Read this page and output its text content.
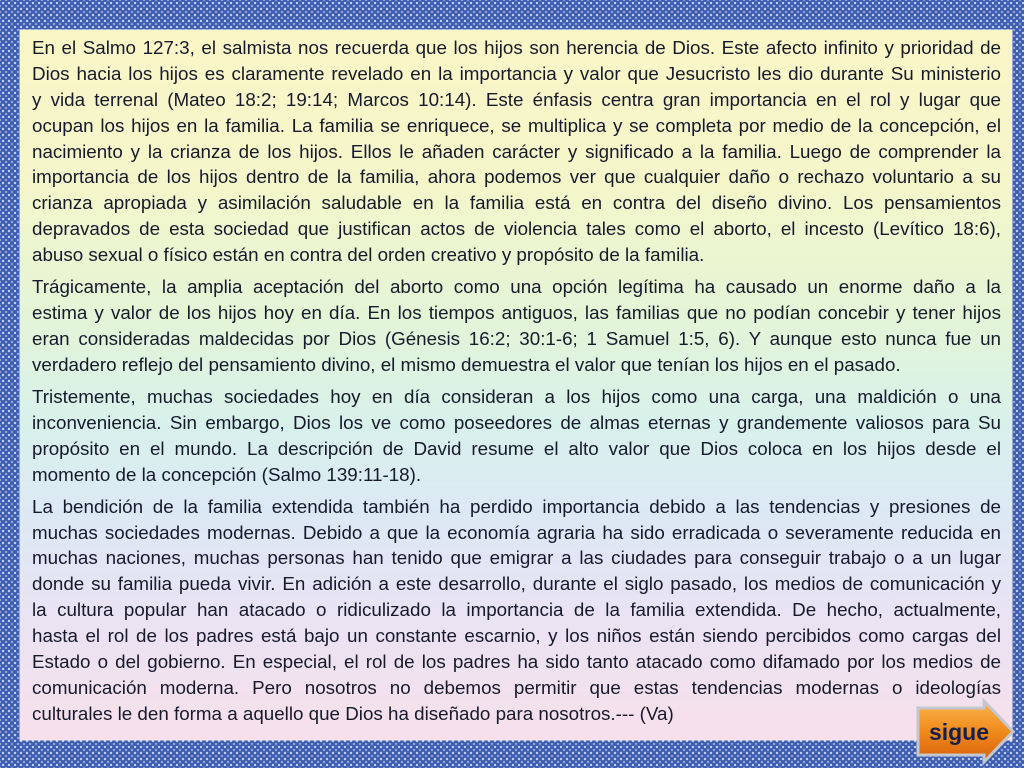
En el Salmo 127:3, el salmista nos recuerda que los hijos son herencia de Dios. Este afecto infinito y prioridad de
Dios hacia los hijos es claramente revelado en la importancia y valor que Jesucristo les dio durante Su ministerio
y vida terrenal (Mateo 18:2; 19:14; Marcos 10:14). Este énfasis centra gran importancia en el rol y lugar que
ocupan los hijos en la familia. La familia se enriquece, se multiplica y se completa por medio de la concepción, el
nacimiento y la crianza de los hijos. Ellos le añaden carácter y significado a la familia. Luego de comprender la
importancia de los hijos dentro de la familia, ahora podemos ver que cualquier daño o rechazo voluntario a su
crianza apropiada y asimilación saludable en la familia está en contra del diseño divino. Los pensamientos
depravados de esta sociedad que justifican actos de violencia tales como el aborto, el incesto (Levítico 18:6),
abuso sexual o físico están en contra del orden creativo y propósito de la familia.
Trágicamente, la amplia aceptación del aborto como una opción legítima ha causado un enorme daño a la
estima y valor de los hijos hoy en día. En los tiempos antiguos, las familias que no podían concebir y tener hijos
eran consideradas maldecidas por Dios (Génesis 16:2; 30:1-6; 1 Samuel 1:5, 6). Y aunque esto nunca fue un
verdadero reflejo del pensamiento divino, el mismo demuestra el valor que tenían los hijos en el pasado.
Tristemente, muchas sociedades hoy en día consideran a los hijos como una carga, una maldición o una
inconveniencia. Sin embargo, Dios los ve como poseedores de almas eternas y grandemente valiosos para Su
propósito en el mundo. La descripción de David resume el alto valor que Dios coloca en los hijos desde el
momento de la concepción (Salmo 139:11-18).
La bendición de la familia extendida también ha perdido importancia debido a las tendencias y presiones de
muchas sociedades modernas. Debido a que la economía agraria ha sido erradicada o severamente reducida en
muchas naciones, muchas personas han tenido que emigrar a las ciudades para conseguir trabajo o a un lugar
donde su familia pueda vivir. En adición a este desarrollo, durante el siglo pasado, los medios de comunicación y
la cultura popular han atacado o ridiculizado la importancia de la familia extendida. De hecho, actualmente,
hasta el rol de los padres está bajo un constante escarnio, y los niños están siendo percibidos como cargas del
Estado o del gobierno. En especial, el rol de los padres ha sido tanto atacado como difamado por los medios de
comunicación moderna. Pero nosotros no debemos permitir que estas tendencias modernas o ideologías
culturales le den forma a aquello que Dios ha diseñado para nosotros.--- (Va)
sigue
